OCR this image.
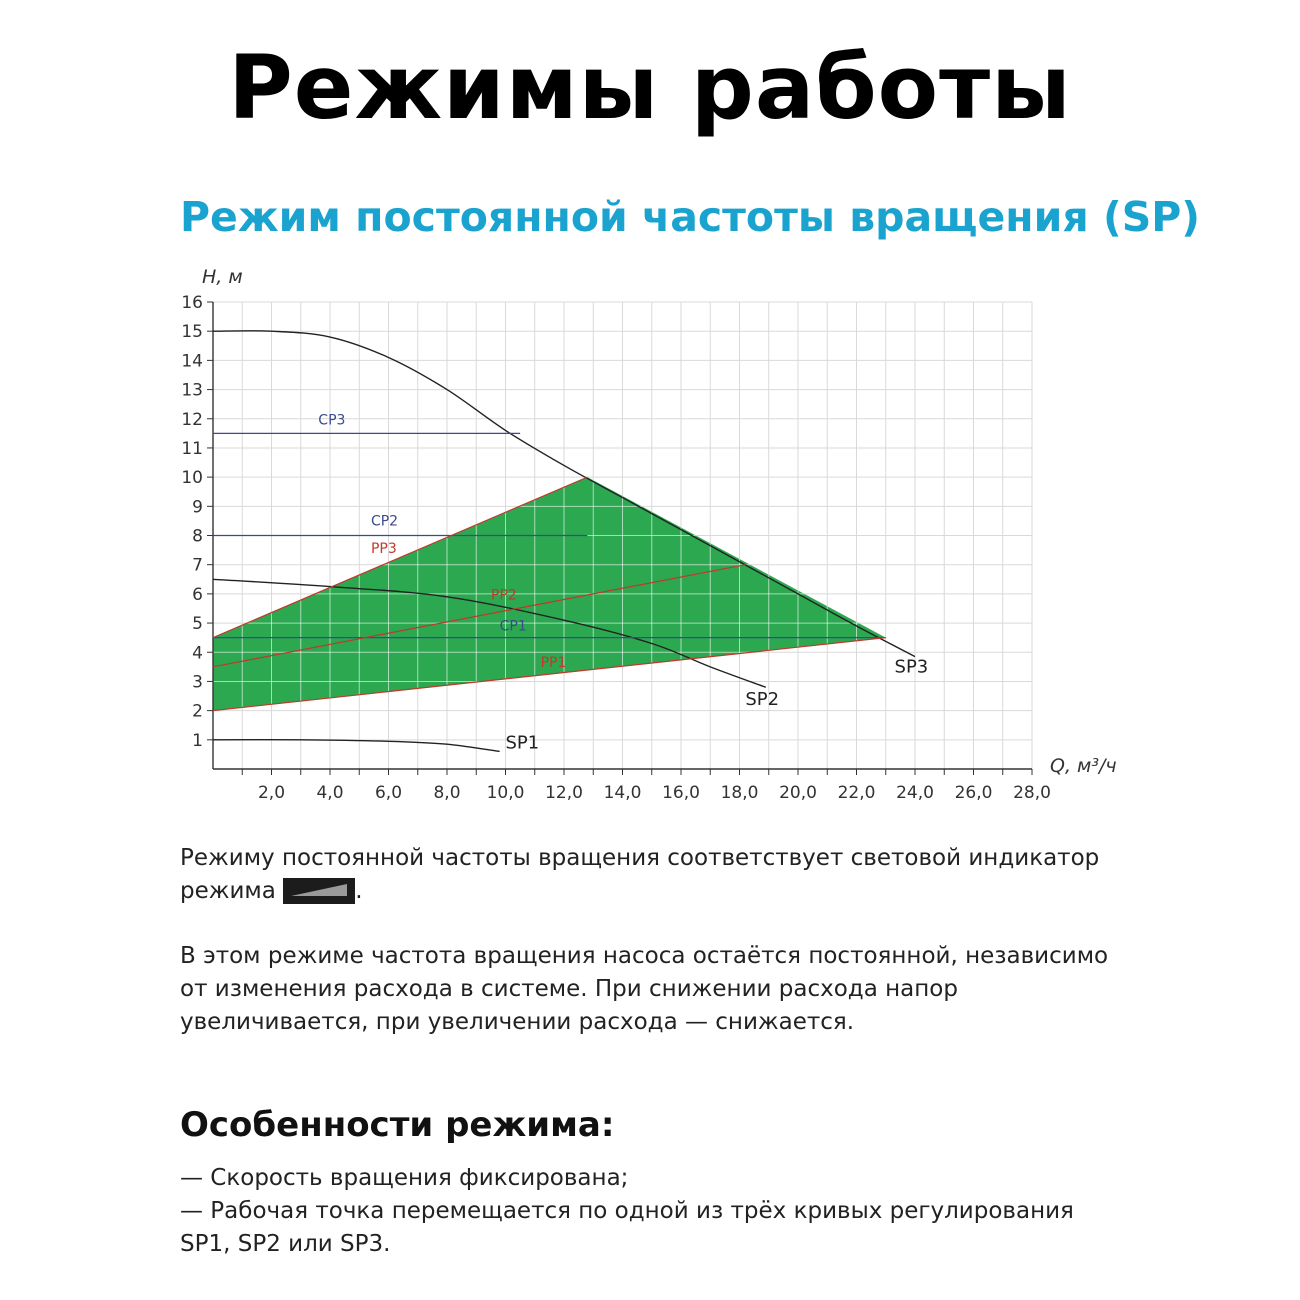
Режимы работы
Режим постоянной частоты вращения (SP)
2,0 4,0 6,0 8,0 10,0 12,0 14,0 16,0 18,0 20,0 22,0 24,0 26,0 28,0
1
2
3
4
5
6
7
8
9
10
11
12
13
14
15
16
H, м
Q, м³/ч
SP1
SP2
SP3
CP1
CP2
CP3
PP1
PP2
PP3
Режиму постоянной частоты вращения соответствует световой индикатор
режима	.
В этом режиме частота вращения насоса остаётся постоянной, независимо
от изменения расхода в системе. При снижении расхода напор
увеличивается, при увеличении расхода — снижается.
Особенности режима:
— Скорость вращения фиксирована;
— Рабочая точка перемещается по одной из трёх кривых регулирования
SP1, SP2 или SP3.
